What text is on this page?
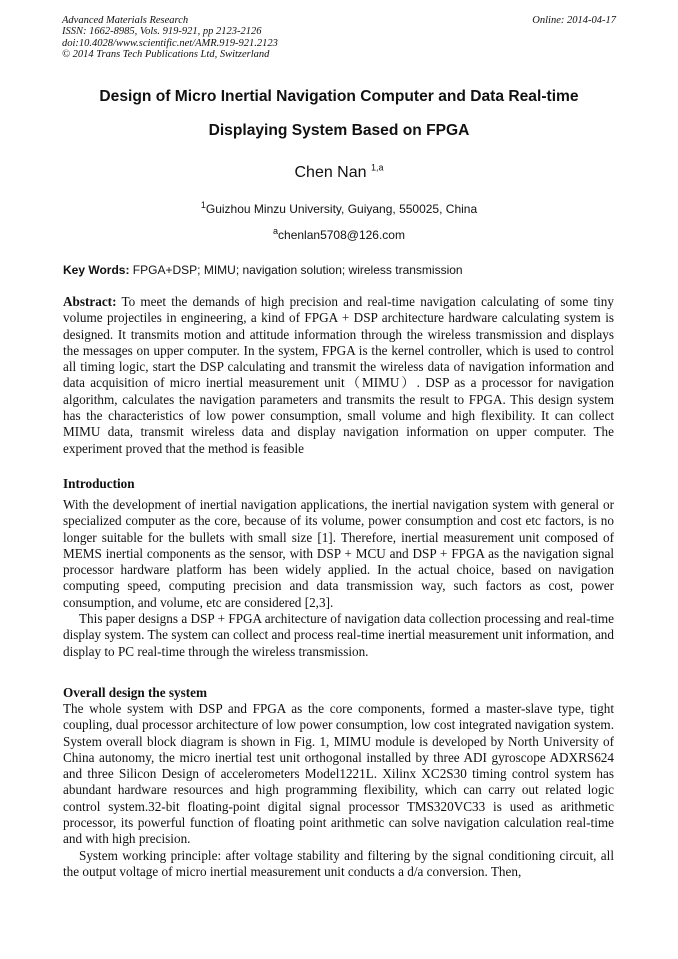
Advanced Materials Research
ISSN: 1662-8985, Vols. 919-921, pp 2123-2126
doi:10.4028/www.scientific.net/AMR.919-921.2123
© 2014 Trans Tech Publications Ltd, Switzerland
Online: 2014-04-17
Design of Micro Inertial Navigation Computer and Data Real-time
Displaying System Based on FPGA
Chen Nan $^{1,a}$
$^1$Guizhou Minzu University, Guiyang, 550025, China
$^a$chenlan5708@126.com
Key Words: FPGA+DSP; MIMU; navigation solution; wireless transmission

Abstract: To meet the demands of high precision and real-time navigation calculating of some tiny volume projectiles in engineering, a kind of FPGA + DSP architecture hardware calculating system is designed. It transmits motion and attitude information through the wireless transmission and displays the messages on upper computer. In the system, FPGA is the kernel controller, which is used to control all timing logic, start the DSP calculating and transmit the wireless data of navigation information and data acquisition of micro inertial measurement unit（MIMU）. DSP as a processor for navigation algorithm, calculates the navigation parameters and transmits the result to FPGA. This design system has the characteristics of low power consumption, small volume and high flexibility. It can collect MIMU data, transmit wireless data and display navigation information on upper computer. The experiment proved that the method is feasible

Introduction

With the development of inertial navigation applications, the inertial navigation system with general or specialized computer as the core, because of its volume, power consumption and cost etc factors, is no longer suitable for the bullets with small size [1]. Therefore, inertial measurement unit composed of MEMS inertial components as the sensor, with DSP + MCU and DSP + FPGA as the navigation signal processor hardware platform has been widely applied. In the actual choice, based on navigation computing speed, computing precision and data transmission way, such factors as cost, power consumption, and volume, etc are considered [2,3].

This paper designs a DSP + FPGA architecture of navigation data collection processing and real-time display system. The system can collect and process real-time inertial measurement unit information, and display to PC real-time through the wireless transmission.

Overall design the system

The whole system with DSP and FPGA as the core components, formed a master-slave type, tight coupling, dual processor architecture of low power consumption, low cost integrated navigation system. System overall block diagram is shown in Fig. 1, MIMU module is developed by North University of China autonomy, the micro inertial test unit orthogonal installed by three ADI gyroscope ADXRS624 and three Silicon Design of accelerometers Model1221L. Xilinx XC2S30 timing control system has abundant hardware resources and high programming flexibility, which can carry out related logic control system.32-bit floating-point digital signal processor TMS320VC33 is used as arithmetic processor, its powerful function of floating point arithmetic can solve navigation calculation real-time and with high precision.

System working principle: after voltage stability and filtering by the signal conditioning circuit, all the output voltage of micro inertial measurement unit conducts a d/a conversion. Then,
